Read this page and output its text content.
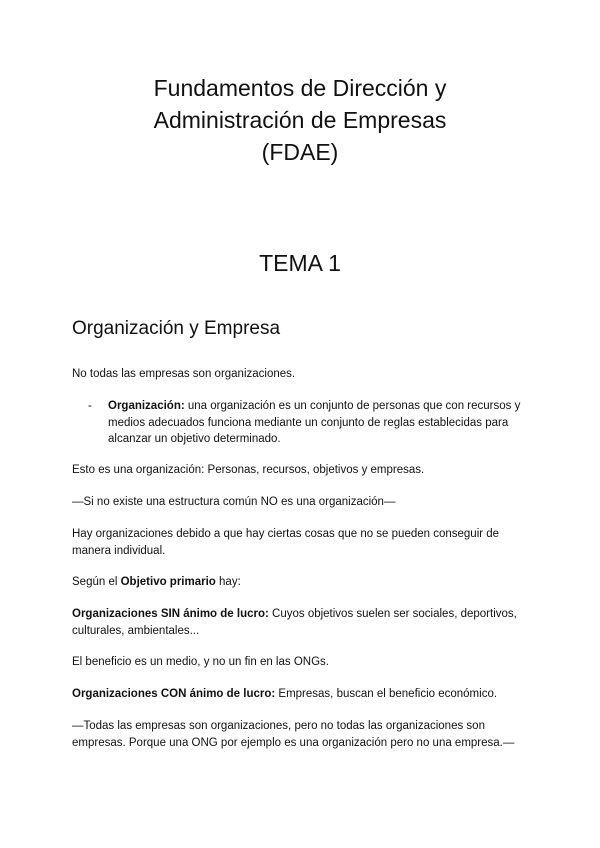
Fundamentos de Dirección y
Administración de Empresas
(FDAE)
TEMA 1
Organización y Empresa
No todas las empresas son organizaciones.
- Organización: una organización es un conjunto de personas que con recursos y medios adecuados funciona mediante un conjunto de reglas establecidas para alcanzar un objetivo determinado.
Esto es una organización: Personas, recursos, objetivos y empresas.
—Si no existe una estructura común NO es una organización—
Hay organizaciones debido a que hay ciertas cosas que no se pueden conseguir de manera individual.
Según el Objetivo primario hay:
Organizaciones SIN ánimo de lucro: Cuyos objetivos suelen ser sociales, deportivos, culturales, ambientales...
El beneficio es un medio, y no un fin en las ONGs.
Organizaciones CON ánimo de lucro: Empresas, buscan el beneficio económico.
—Todas las empresas son organizaciones, pero no todas las organizaciones son empresas. Porque una ONG por ejemplo es una organización pero no una empresa.—
